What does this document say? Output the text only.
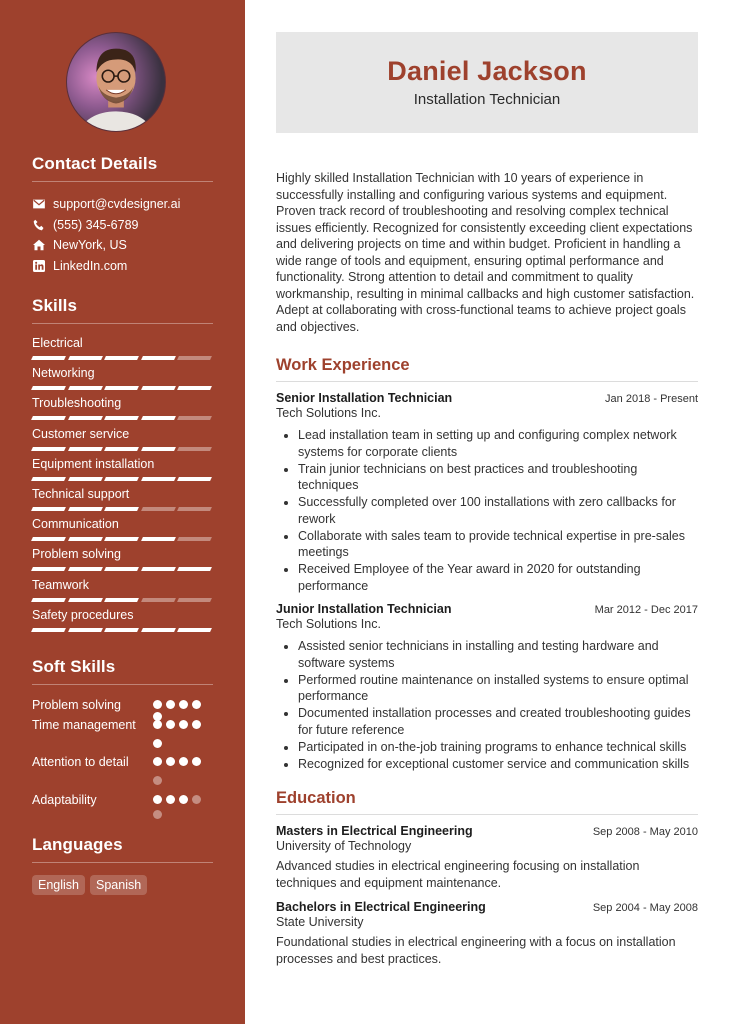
Contact Details
support@cvdesigner.ai
(555) 345-6789
NewYork, US
LinkedIn.com
Skills
Electrical
Networking
Troubleshooting
Customer service
Equipment installation
Technical support
Communication
Problem solving
Teamwork
Safety procedures
Soft Skills
Problem solving
Time management
Attention to detail
Adaptability
Languages
English	Spanish
Daniel Jackson
Installation Technician

Highly skilled Installation Technician with 10 years of experience in successfully installing and configuring various systems and equipment. Proven track record of troubleshooting and resolving complex technical issues efficiently. Recognized for consistently exceeding client expectations and delivering projects on time and within budget. Proficient in handling a wide range of tools and equipment, ensuring optimal performance and functionality. Strong attention to detail and commitment to quality workmanship, resulting in minimal callbacks and high customer satisfaction. Adept at collaborating with cross-functional teams to achieve project goals and objectives.

Work Experience
Senior Installation Technician	Jan 2018 - Present
Tech Solutions Inc.
• Lead installation team in setting up and configuring complex network systems for corporate clients
• Train junior technicians on best practices and troubleshooting techniques
• Successfully completed over 100 installations with zero callbacks for rework
• Collaborate with sales team to provide technical expertise in pre-sales meetings
• Received Employee of the Year award in 2020 for outstanding performance
Junior Installation Technician	Mar 2012 - Dec 2017
Tech Solutions Inc.
• Assisted senior technicians in installing and testing hardware and software systems
• Performed routine maintenance on installed systems to ensure optimal performance
• Documented installation processes and created troubleshooting guides for future reference
• Participated in on-the-job training programs to enhance technical skills
• Recognized for exceptional customer service and communication skills
Education
Masters in Electrical Engineering	Sep 2008 - May 2010
University of Technology
Advanced studies in electrical engineering focusing on installation techniques and equipment maintenance.
Bachelors in Electrical Engineering	Sep 2004 - May 2008
State University
Foundational studies in electrical engineering with a focus on installation processes and best practices.
